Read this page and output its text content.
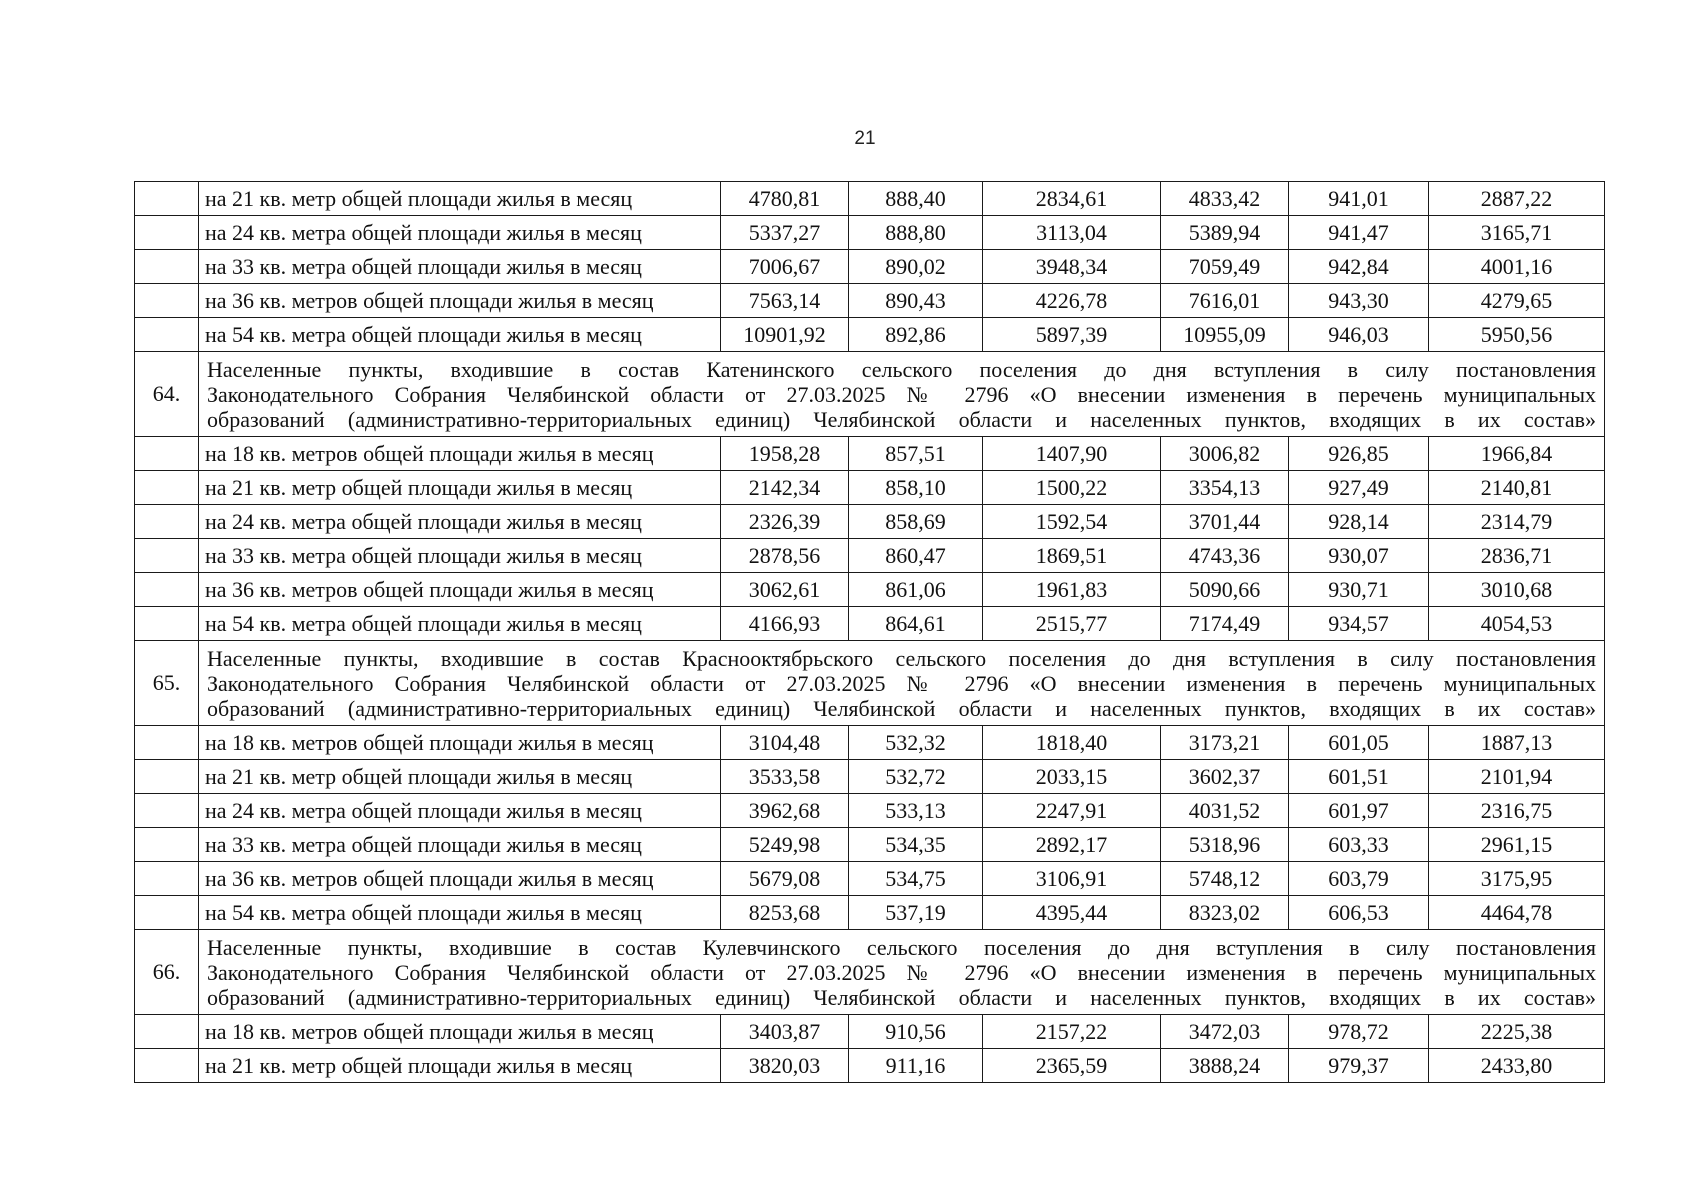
21
	на 21 кв. метр общей площади жилья в месяц	4780,81	888,40	2834,61	4833,42	941,01	2887,22
	на 24 кв. метра общей площади жилья в месяц	5337,27	888,80	3113,04	5389,94	941,47	3165,71
	на 33 кв. метра общей площади жилья в месяц	7006,67	890,02	3948,34	7059,49	942,84	4001,16
	на 36 кв. метров общей площади жилья в месяц	7563,14	890,43	4226,78	7616,01	943,30	4279,65
	на 54 кв. метра общей площади жилья в месяц	10901,92	892,86	5897,39	10955,09	946,03	5950,56
64.	Населенные пункты, входившие в состав Катенинского сельского поселения до дня вступления в силу постановления
Законодательного Собрания Челябинской области от 27.03.2025 № 2796 «О внесении изменения в перечень муниципальных
образований (административно-территориальных единиц) Челябинской области и населенных пунктов, входящих в их состав»						

	на 18 кв. метров общей площади жилья в месяц	1958,28	857,51	1407,90	3006,82	926,85	1966,84
	на 21 кв. метр общей площади жилья в месяц	2142,34	858,10	1500,22	3354,13	927,49	2140,81
	на 24 кв. метра общей площади жилья в месяц	2326,39	858,69	1592,54	3701,44	928,14	2314,79
	на 33 кв. метра общей площади жилья в месяц	2878,56	860,47	1869,51	4743,36	930,07	2836,71
	на 36 кв. метров общей площади жилья в месяц	3062,61	861,06	1961,83	5090,66	930,71	3010,68
	на 54 кв. метра общей площади жилья в месяц	4166,93	864,61	2515,77	7174,49	934,57	4054,53
65.	Населенные пункты, входившие в состав Краснооктябрьского сельского поселения до дня вступления в силу постановления
Законодательного Собрания Челябинской области от 27.03.2025 № 2796 «О внесении изменения в перечень муниципальных
образований (административно-территориальных единиц) Челябинской области и населенных пунктов, входящих в их состав»						

	на 18 кв. метров общей площади жилья в месяц	3104,48	532,32	1818,40	3173,21	601,05	1887,13
	на 21 кв. метр общей площади жилья в месяц	3533,58	532,72	2033,15	3602,37	601,51	2101,94
	на 24 кв. метра общей площади жилья в месяц	3962,68	533,13	2247,91	4031,52	601,97	2316,75
	на 33 кв. метра общей площади жилья в месяц	5249,98	534,35	2892,17	5318,96	603,33	2961,15
	на 36 кв. метров общей площади жилья в месяц	5679,08	534,75	3106,91	5748,12	603,79	3175,95
	на 54 кв. метра общей площади жилья в месяц	8253,68	537,19	4395,44	8323,02	606,53	4464,78
66.	Населенные пункты, входившие в состав Кулевчинского сельского поселения до дня вступления в силу постановления
Законодательного Собрания Челябинской области от 27.03.2025 № 2796 «О внесении изменения в перечень муниципальных
образований (административно-территориальных единиц) Челябинской области и населенных пунктов, входящих в их состав»						

	на 18 кв. метров общей площади жилья в месяц	3403,87	910,56	2157,22	3472,03	978,72	2225,38
	на 21 кв. метр общей площади жилья в месяц	3820,03	911,16	2365,59	3888,24	979,37	2433,80
